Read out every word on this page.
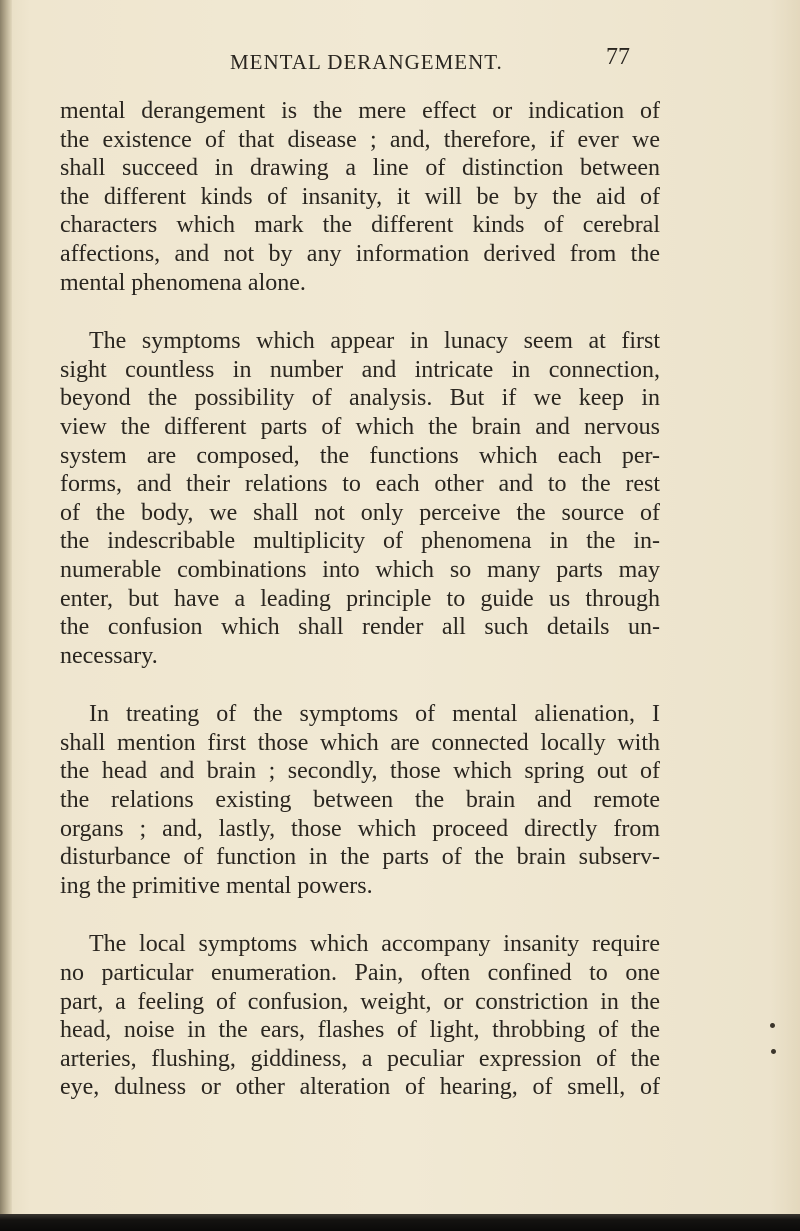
MENTAL DERANGEMENT.	77

mental derangement is the mere effect or indication of
the existence of that disease ; and, therefore, if ever we
shall succeed in drawing a line of distinction between
the different kinds of insanity, it will be by the aid of
characters which mark the different kinds of cerebral
affections, and not by any information derived from the
mental phenomena alone.

The symptoms which appear in lunacy seem at first
sight countless in number and intricate in connection,
beyond the possibility of analysis. But if we keep in
view the different parts of which the brain and nervous
system are composed, the functions which each per-
forms, and their relations to each other and to the rest
of the body, we shall not only perceive the source of
the indescribable multiplicity of phenomena in the in-
numerable combinations into which so many parts may
enter, but have a leading principle to guide us through
the confusion which shall render all such details un-
necessary.

In treating of the symptoms of mental alienation, I
shall mention first those which are connected locally with
the head and brain ; secondly, those which spring out of
the relations existing between the brain and remote
organs ; and, lastly, those which proceed directly from
disturbance of function in the parts of the brain subserv-
ing the primitive mental powers.

The local symptoms which accompany insanity require
no particular enumeration. Pain, often confined to one
part, a feeling of confusion, weight, or constriction in the
head, noise in the ears, flashes of light, throbbing of the
arteries, flushing, giddiness, a peculiar expression of the
eye, dulness or other alteration of hearing, of smell, of
